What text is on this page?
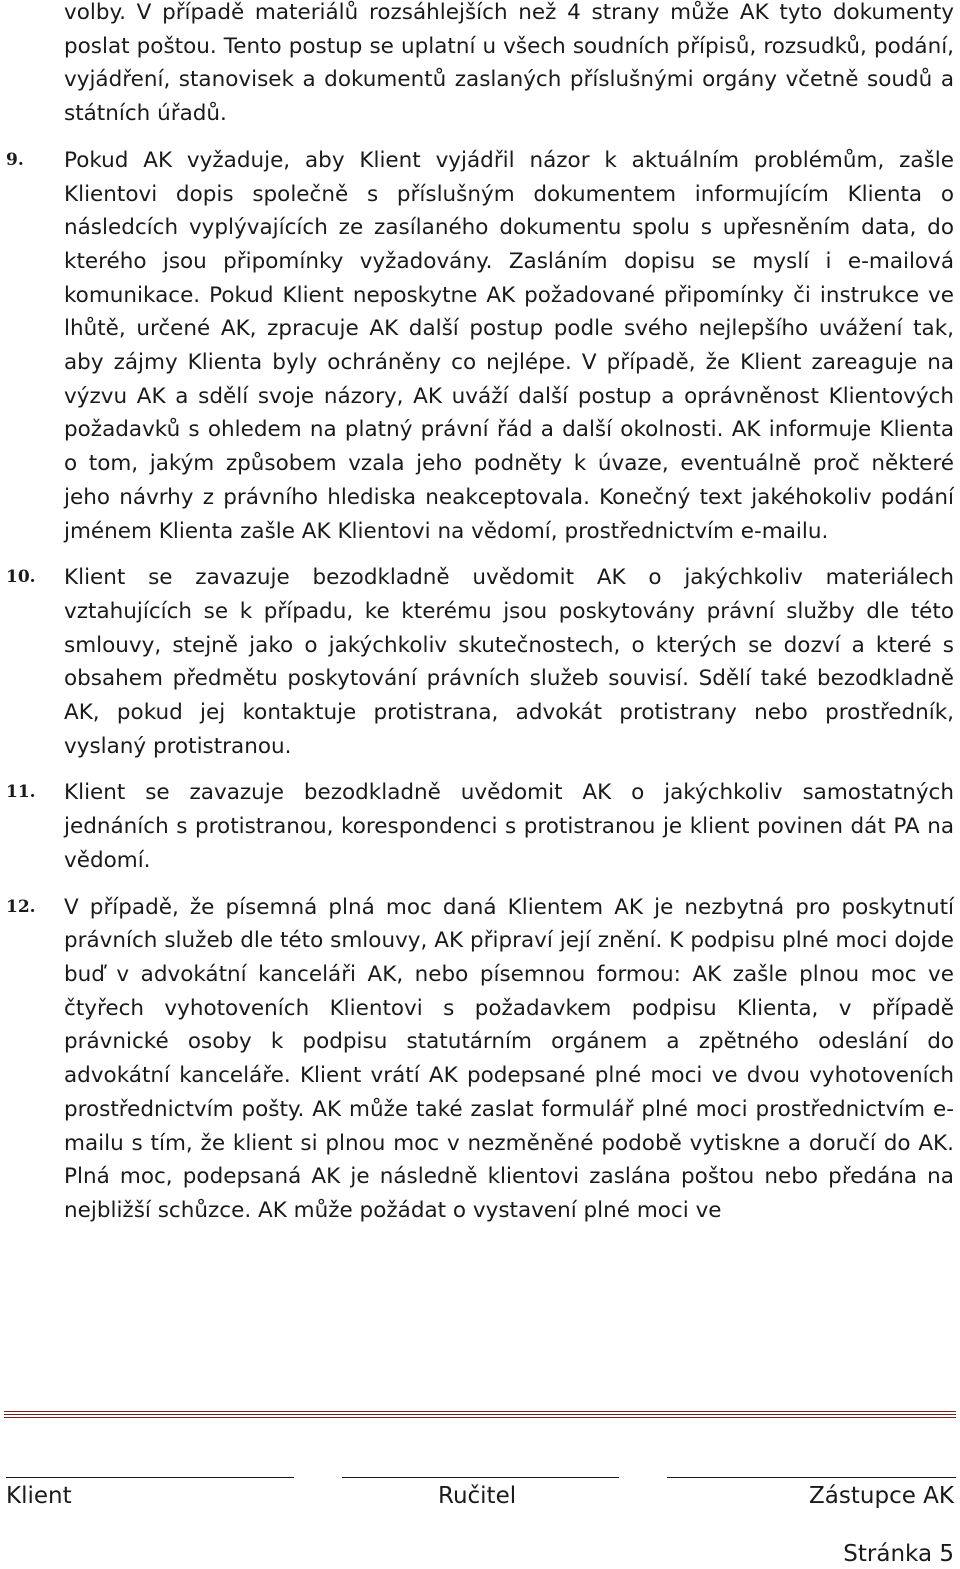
volby. V případě materiálů rozsáhlejších než 4 strany může AK tyto dokumenty poslat poštou. Tento postup se uplatní u všech soudních přípisů, rozsudků, podání, vyjádření, stanovisek a dokumentů zaslaných příslušnými orgány včetně soudů a státních úřadů.
9. Pokud AK vyžaduje, aby Klient vyjádřil názor k aktuálním problémům, zašle Klientovi dopis společně s příslušným dokumentem informujícím Klienta o následcích vyplývajících ze zasílaného dokumentu spolu s upřesněním data, do kterého jsou připomínky vyžadovány. Zasláním dopisu se myslí i e-mailová komunikace. Pokud Klient neposkytne AK požadované připomínky či instrukce ve lhůtě, určené AK, zpracuje AK další postup podle svého nejlepšího uvážení tak, aby zájmy Klienta byly ochráněny co nejlépe. V případě, že Klient zareaguje na výzvu AK a sdělí svoje názory, AK uváží další postup a oprávněnost Klientových požadavků s ohledem na platný právní řád a další okolnosti. AK informuje Klienta o tom, jakým způsobem vzala jeho podněty k úvaze, eventuálně proč některé jeho návrhy z právního hlediska neakceptovala. Konečný text jakéhokoliv podání jménem Klienta zašle AK Klientovi na vědomí, prostřednictvím e-mailu.
10. Klient se zavazuje bezodkladně uvědomit AK o jakýchkoliv materiálech vztahujících se k případu, ke kterému jsou poskytovány právní služby dle této smlouvy, stejně jako o jakýchkoliv skutečnostech, o kterých se dozví a které s obsahem předmětu poskytování právních služeb souvisí. Sdělí také bezodkladně AK, pokud jej kontaktuje protistrana, advokát protistrany nebo prostředník, vyslaný protistranou.
11. Klient se zavazuje bezodkladně uvědomit AK o jakýchkoliv samostatných jednáních s protistranou, korespondenci s protistranou je klient povinen dát PA na vědomí.
12. V případě, že písemná plná moc daná Klientem AK je nezbytná pro poskytnutí právních služeb dle této smlouvy, AK připraví její znění. K podpisu plné moci dojde buď v advokátní kanceláři AK, nebo písemnou formou: AK zašle plnou moc ve čtyřech vyhotoveních Klientovi s požadavkem podpisu Klienta, v případě právnické osoby k podpisu statutárním orgánem a zpětného odeslání do advokátní kanceláře. Klient vrátí AK podepsané plné moci ve dvou vyhotoveních prostřednictvím pošty. AK může také zaslat formulář plné moci prostřednictvím e-mailu s tím, že klient si plnou moc v nezměněné podobě vytiskne a doručí do AK. Plná moc, podepsaná AK je následně klientovi zaslána poštou nebo předána na nejbližší schůzce. AK může požádat o vystavení plné moci ve
Klient	Ručitel	Zástupce AK
Stránka 5
